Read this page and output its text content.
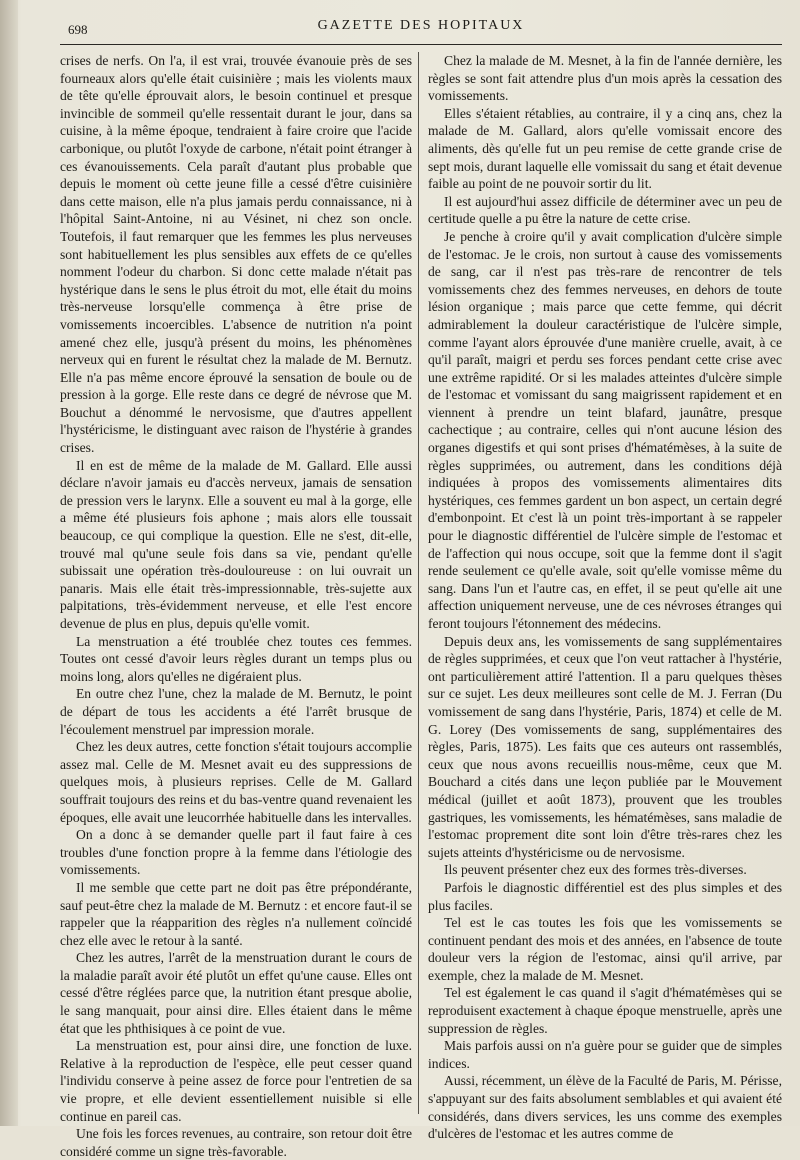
698	GAZETTE DES HOPITAUX

crises de nerfs. On l'a, il est vrai, trouvée évanouie près de ses fourneaux alors qu'elle était cuisinière ; mais les violents maux de tête qu'elle éprouvait alors, le besoin continuel et presque invincible de sommeil qu'elle ressentait durant le jour, dans sa cuisine, à la même époque, tendraient à faire croire que l'acide carbonique, ou plutôt l'oxyde de carbone, n'était point étranger à ces évanouissements. Cela paraît d'autant plus probable que depuis le moment où cette jeune fille a cessé d'être cuisinière dans cette maison, elle n'a plus jamais perdu connaissance, ni à l'hôpital Saint-Antoine, ni au Vésinet, ni chez son oncle. Toutefois, il faut remarquer que les femmes les plus nerveuses sont habituellement les plus sensibles aux effets de ce qu'elles nomment l'odeur du charbon. Si donc cette malade n'était pas hystérique dans le sens le plus étroit du mot, elle était du moins très-nerveuse lorsqu'elle commença à être prise de vomissements incoercibles. L'absence de nutrition n'a point amené chez elle, jusqu'à présent du moins, les phénomènes nerveux qui en furent le résultat chez la malade de M. Bernutz. Elle n'a pas même encore éprouvé la sensation de boule ou de pression à la gorge. Elle reste dans ce degré de névrose que M. Bouchut a dénommé le nervosisme, que d'autres appellent l'hystéricisme, le distinguant avec raison de l'hystérie à grandes crises.

Il en est de même de la malade de M. Gallard. Elle aussi déclare n'avoir jamais eu d'accès nerveux, jamais de sensation de pression vers le larynx. Elle a souvent eu mal à la gorge, elle a même été plusieurs fois aphone ; mais alors elle toussait beaucoup, ce qui complique la question. Elle ne s'est, dit-elle, trouvé mal qu'une seule fois dans sa vie, pendant qu'elle subissait une opération très-douloureuse : on lui ouvrait un panaris. Mais elle était très-impressionnable, très-sujette aux palpitations, très-évidemment nerveuse, et elle l'est encore devenue de plus en plus, depuis qu'elle vomit.

La menstruation a été troublée chez toutes ces femmes. Toutes ont cessé d'avoir leurs règles durant un temps plus ou moins long, alors qu'elles ne digéraient plus.

En outre chez l'une, chez la malade de M. Bernutz, le point de départ de tous les accidents a été l'arrêt brusque de l'écoulement menstruel par impression morale.

Chez les deux autres, cette fonction s'était toujours accomplie assez mal. Celle de M. Mesnet avait eu des suppressions de quelques mois, à plusieurs reprises. Celle de M. Gallard souffrait toujours des reins et du bas-ventre quand revenaient les époques, elle avait une leucorrhée habituelle dans les intervalles.

On a donc à se demander quelle part il faut faire à ces troubles d'une fonction propre à la femme dans l'étiologie des vomissements.

Il me semble que cette part ne doit pas être prépondérante, sauf peut-être chez la malade de M. Bernutz : et encore faut-il se rappeler que la réapparition des règles n'a nullement coïncidé chez elle avec le retour à la santé.

Chez les autres, l'arrêt de la menstruation durant le cours de la maladie paraît avoir été plutôt un effet qu'une cause. Elles ont cessé d'être réglées parce que, la nutrition étant presque abolie, le sang manquait, pour ainsi dire. Elles étaient dans le même état que les phthisiques à ce point de vue.

La menstruation est, pour ainsi dire, une fonction de luxe. Relative à la reproduction de l'espèce, elle peut cesser quand l'individu conserve à peine assez de force pour l'entretien de sa vie propre, et elle devient essentiellement nuisible si elle continue en pareil cas.

Une fois les forces revenues, au contraire, son retour doit être considéré comme un signe très-favorable.

Chez la malade de M. Mesnet, à la fin de l'année dernière, les règles se sont fait attendre plus d'un mois après la cessation des vomissements.

Elles s'étaient rétablies, au contraire, il y a cinq ans, chez la malade de M. Gallard, alors qu'elle vomissait encore des aliments, dès qu'elle fut un peu remise de cette grande crise de sept mois, durant laquelle elle vomissait du sang et était devenue faible au point de ne pouvoir sortir du lit.

Il est aujourd'hui assez difficile de déterminer avec un peu de certitude quelle a pu être la nature de cette crise.

Je penche à croire qu'il y avait complication d'ulcère simple de l'estomac. Je le crois, non surtout à cause des vomissements de sang, car il n'est pas très-rare de rencontrer de tels vomissements chez des femmes nerveuses, en dehors de toute lésion organique ; mais parce que cette femme, qui décrit admirablement la douleur caractéristique de l'ulcère simple, comme l'ayant alors éprouvée d'une manière cruelle, avait, à ce qu'il paraît, maigri et perdu ses forces pendant cette crise avec une extrême rapidité. Or si les malades atteintes d'ulcère simple de l'estomac et vomissant du sang maigrissent rapidement et en viennent à prendre un teint blafard, jaunâtre, presque cachectique ; au contraire, celles qui n'ont aucune lésion des organes digestifs et qui sont prises d'hématémèses, à la suite de règles supprimées, ou autrement, dans les conditions déjà indiquées à propos des vomissements alimentaires dits hystériques, ces femmes gardent un bon aspect, un certain degré d'embonpoint. Et c'est là un point très-important à se rappeler pour le diagnostic différentiel de l'ulcère simple de l'estomac et de l'affection qui nous occupe, soit que la femme dont il s'agit rende seulement ce qu'elle avale, soit qu'elle vomisse même du sang. Dans l'un et l'autre cas, en effet, il se peut qu'elle ait une affection uniquement nerveuse, une de ces névroses étranges qui feront toujours l'étonnement des médecins.

Depuis deux ans, les vomissements de sang supplémentaires de règles supprimées, et ceux que l'on veut rattacher à l'hystérie, ont particulièrement attiré l'attention. Il a paru quelques thèses sur ce sujet. Les deux meilleures sont celle de M. J. Ferran (Du vomissement de sang dans l'hystérie, Paris, 1874) et celle de M. G. Lorey (Des vomissements de sang, supplémentaires des règles, Paris, 1875). Les faits que ces auteurs ont rassemblés, ceux que nous avons recueillis nous-même, ceux que M. Bouchard a cités dans une leçon publiée par le Mouvement médical (juillet et août 1873), prouvent que les troubles gastriques, les vomissements, les hématémèses, sans maladie de l'estomac proprement dite sont loin d'être très-rares chez les sujets atteints d'hystéricisme ou de nervosisme.

Ils peuvent présenter chez eux des formes très-diverses.

Parfois le diagnostic différentiel est des plus simples et des plus faciles.

Tel est le cas toutes les fois que les vomissements se continuent pendant des mois et des années, en l'absence de toute douleur vers la région de l'estomac, ainsi qu'il arrive, par exemple, chez la malade de M. Mesnet.

Tel est également le cas quand il s'agit d'hématémèses qui se reproduisent exactement à chaque époque menstruelle, après une suppression de règles.

Mais parfois aussi on n'a guère pour se guider que de simples indices.

Aussi, récemment, un élève de la Faculté de Paris, M. Périsse, s'appuyant sur des faits absolument semblables et qui avaient été considérés, dans divers services, les uns comme des exemples d'ulcères de l'estomac et les autres comme de
